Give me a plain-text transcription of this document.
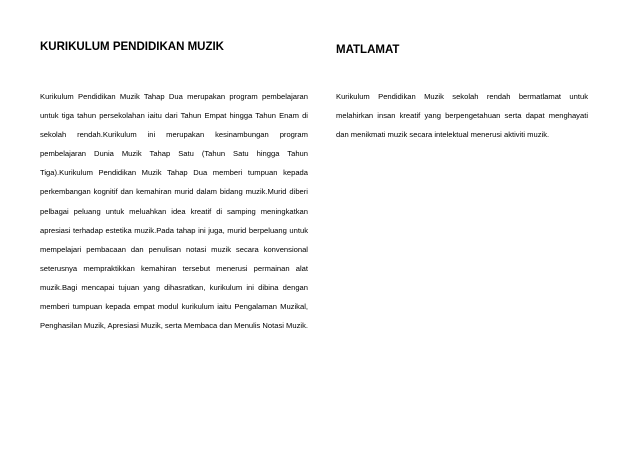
KURIKULUM PENDIDIKAN MUZIK

Kurikulum Pendidikan Muzik Tahap Dua merupakan program pembelajaran untuk tiga tahun persekolahan iaitu dari Tahun Empat hingga Tahun Enam di sekolah rendah.Kurikulum ini merupakan kesinambungan program pembelajaran Dunia Muzik Tahap Satu (Tahun Satu hingga Tahun Tiga).Kurikulum Pendidikan Muzik Tahap Dua memberi tumpuan kepada perkembangan kognitif dan kemahiran murid dalam bidang muzik.Murid diberi pelbagai peluang untuk meluahkan idea kreatif di samping meningkatkan apresiasi terhadap estetika muzik.Pada tahap ini juga, murid berpeluang untuk mempelajari pembacaan dan penulisan notasi muzik secara konvensional seterusnya mempraktikkan kemahiran tersebut menerusi permainan alat muzik.Bagi mencapai tujuan yang dihasratkan, kurikulum ini dibina dengan memberi tumpuan kepada empat modul kurikulum iaitu Pengalaman Muzikal, Penghasilan Muzik, Apresiasi Muzik, serta Membaca dan Menulis Notasi Muzik.

MATLAMAT

Kurikulum Pendidikan Muzik sekolah rendah bermatlamat untuk melahirkan insan kreatif yang berpengetahuan serta dapat menghayati dan menikmati muzik secara intelektual menerusi aktiviti muzik.
